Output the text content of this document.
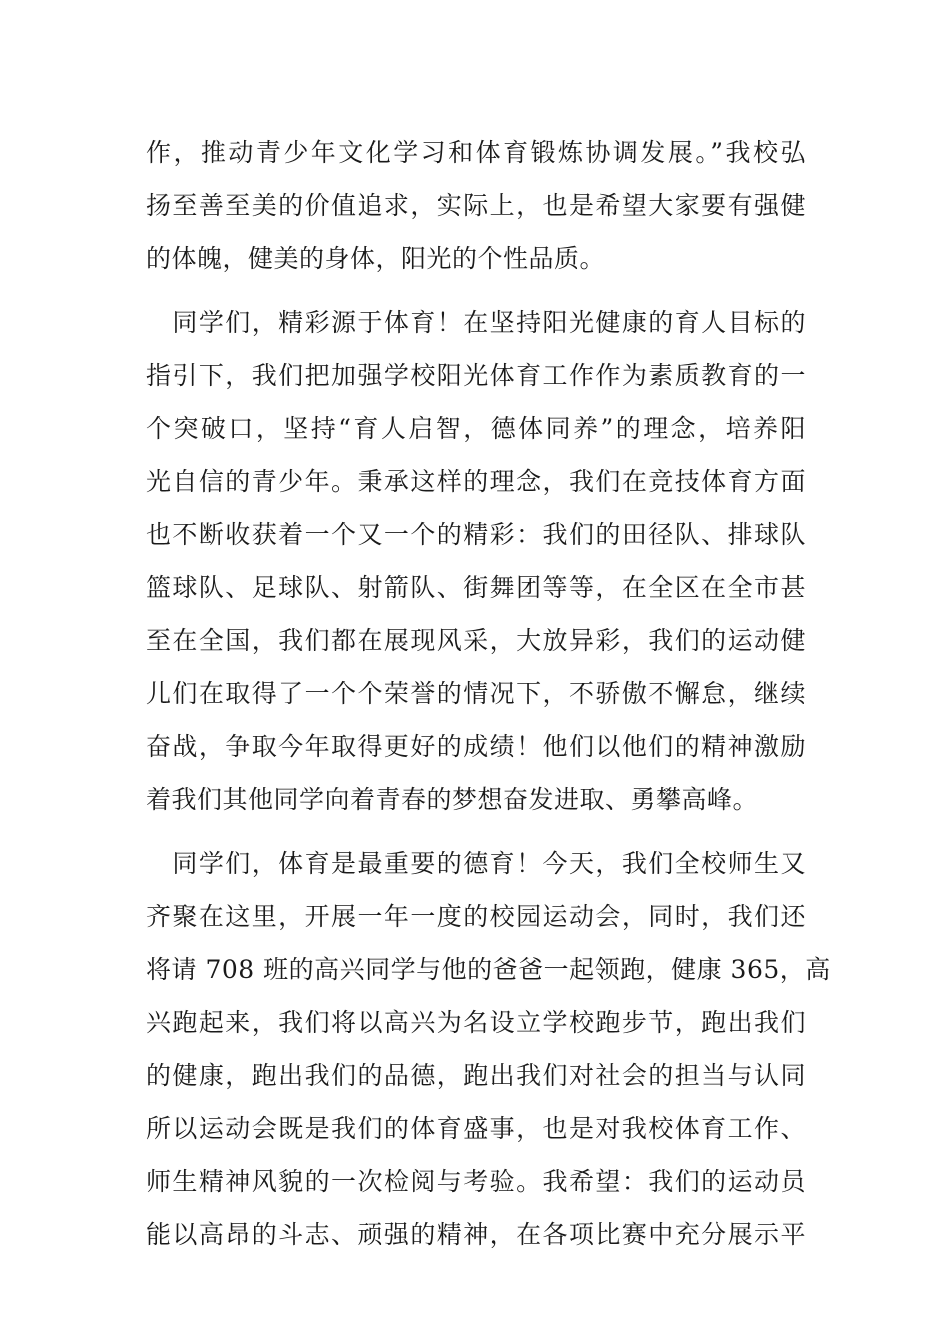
作，推动青少年文化学习和体育锻炼协调发展。”我校弘
扬至善至美的价值追求，实际上，也是希望大家要有强健
的体魄，健美的身体，阳光的个性品质。
　同学们，精彩源于体育！在坚持阳光健康的育人目标的
指引下，我们把加强学校阳光体育工作作为素质教育的一
个突破口，坚持“育人启智，德体同养”的理念，培养阳
光自信的青少年。秉承这样的理念，我们在竞技体育方面
也不断收获着一个又一个的精彩：我们的田径队、排球队
篮球队、足球队、射箭队、街舞团等等，在全区在全市甚
至在全国，我们都在展现风采，大放异彩，我们的运动健
儿们在取得了一个个荣誉的情况下，不骄傲不懈怠，继续
奋战，争取今年取得更好的成绩！他们以他们的精神激励
着我们其他同学向着青春的梦想奋发进取、勇攀高峰。
　同学们，体育是最重要的德育！今天，我们全校师生又
齐聚在这里，开展一年一度的校园运动会，同时，我们还
将请 708 班的高兴同学与他的爸爸一起领跑，健康 365，高
兴跑起来，我们将以高兴为名设立学校跑步节，跑出我们
的健康，跑出我们的品德，跑出我们对社会的担当与认同
所以运动会既是我们的体育盛事，也是对我校体育工作、
师生精神风貌的一次检阅与考验。我希望：我们的运动员
能以高昂的斗志、顽强的精神，在各项比赛中充分展示平
